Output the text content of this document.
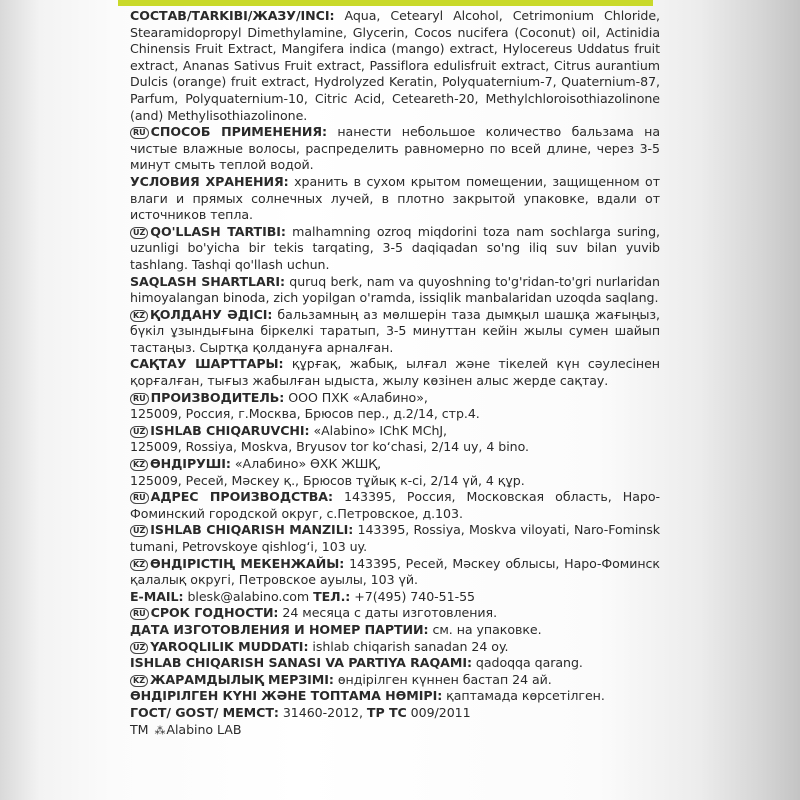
СОСТАВ/ТАRKIBI/ЖАЗУ/INCI: Aqua, Cetearyl Alcohol, Cetrimonium Chloride, Stearamidopropyl Dimethylamine, Glycerin, Cocos nucifera (Coconut) oil, Actinidia Chinensis Fruit Extract, Mangifera indica (mango) extract, Hylocereus Uddatus fruit extract, Ananas Sativus Fruit extract, Passiflora edulisfruit extract, Citrus aurantium Dulcis (orange) fruit extract, Hydrolyzed Keratin, Polyquaternium-7, Quaternium-87, Parfum, Polyquaternium-10, Citric Acid, Ceteareth-20, Methylchloroisothiazolinone (and) Methylisothiazolinone.

RU СПОСОБ ПРИМЕНЕНИЯ: нанести небольшое количество бальзама на чистые влажные волосы, распределить равномерно по всей длине, через 3-5 минут смыть теплой водой.

УСЛОВИЯ ХРАНЕНИЯ: хранить в сухом крытом помещении, защищенном от влаги и прямых солнечных лучей, в плотно закрытой упаковке, вдали от источников тепла.

UZ QO'LLASH TARTIBI: malhamning ozroq miqdorini toza nam sochlarga suring, uzunligi bo'yicha bir tekis tarqating, 3-5 daqiqadan so'ng iliq suv bilan yuvib tashlang. Tashqi qo'llash uchun.

SAQLASH SHARTLARI: quruq berk, nam va quyoshning to'g'ridan-to'gri nurlaridan himoyalangan binoda, zich yopilgan o'ramda, issiqlik manbalaridan uzoqda saqlang.

KZ ҚОЛДАНУ ӘДІСІ: бальзамның аз мөлшерін таза дымқыл шашқа жағыңыз, бүкіл ұзындығына біркелкі таратып, 3-5 минуттан кейін жылы сумен шайып тастаңыз. Сыртқа қолдануға арналған.

САҚТАУ ШАРТТАРЫ: құрғақ, жабық, ылғал және тікелей күн сәулесінен қорғалған, тығыз жабылған ыдыста, жылу көзінен алыс жерде сақтау.

RU ПРОИЗВОДИТЕЛЬ: ООО ПХК «Алабино»,
125009, Россия, г.Москва, Брюсов пер., д.2/14, стр.4.

UZ ISHLAB CHIQARUVCHI: «Alabino» IChK MChJ,
125009, Rossiya, Moskva, Bryusov tor ko‘chasi, 2/14 uy, 4 bino.

KZ ӨНДІРУШІ: «Алабино» ӨХК ЖШҚ,
125009, Ресей, Мәскеу қ., Брюсов тұйық к-сі, 2/14 үй, 4 құр.

RU АДРЕС ПРОИЗВОДСТВА: 143395, Россия, Московская область, Наро-Фоминский городской округ, с.Петровское, д.103.

UZ ISHLAB CHIQARISH MANZILI: 143395, Rossiya, Moskva viloyati, Naro-Fominsk tumani, Petrovskoye qishlog‘i, 103 uy.

KZ ӨНДІРІСТІҢ МЕКЕНЖАЙЫ: 143395, Ресей, Мәскеу облысы, Наро-Фоминск қалалық округі, Петровское ауылы, 103 үй.

E-MAIL: blesk@alabino.com ТЕЛ.: +7(495) 740-51-55

RU СРОК ГОДНОСТИ: 24 месяца с даты изготовления.

ДАТА ИЗГОТОВЛЕНИЯ И НОМЕР ПАРТИИ: см. на упаковке.

UZ YAROQLILIK MUDDATI: ishlab chiqarish sanadan 24 oy.

ISHLAB CHIQARISH SANASI VA PARTIYA RAQAMI: qadoqqa qarang.

KZ ЖАРАМДЫЛЫҚ МЕРЗІМІ: өндірілген күннен бастап 24 ай.

ӨНДІРІЛГЕН КҮНІ ЖӘНЕ ТОПТАМА НӨМІРІ: қаптамада көрсетілген.

ГОСТ/ GOST/ МЕМСТ: 31460-2012, ТР ТС 009/2011

ТМ ⁂Alabino LAB
